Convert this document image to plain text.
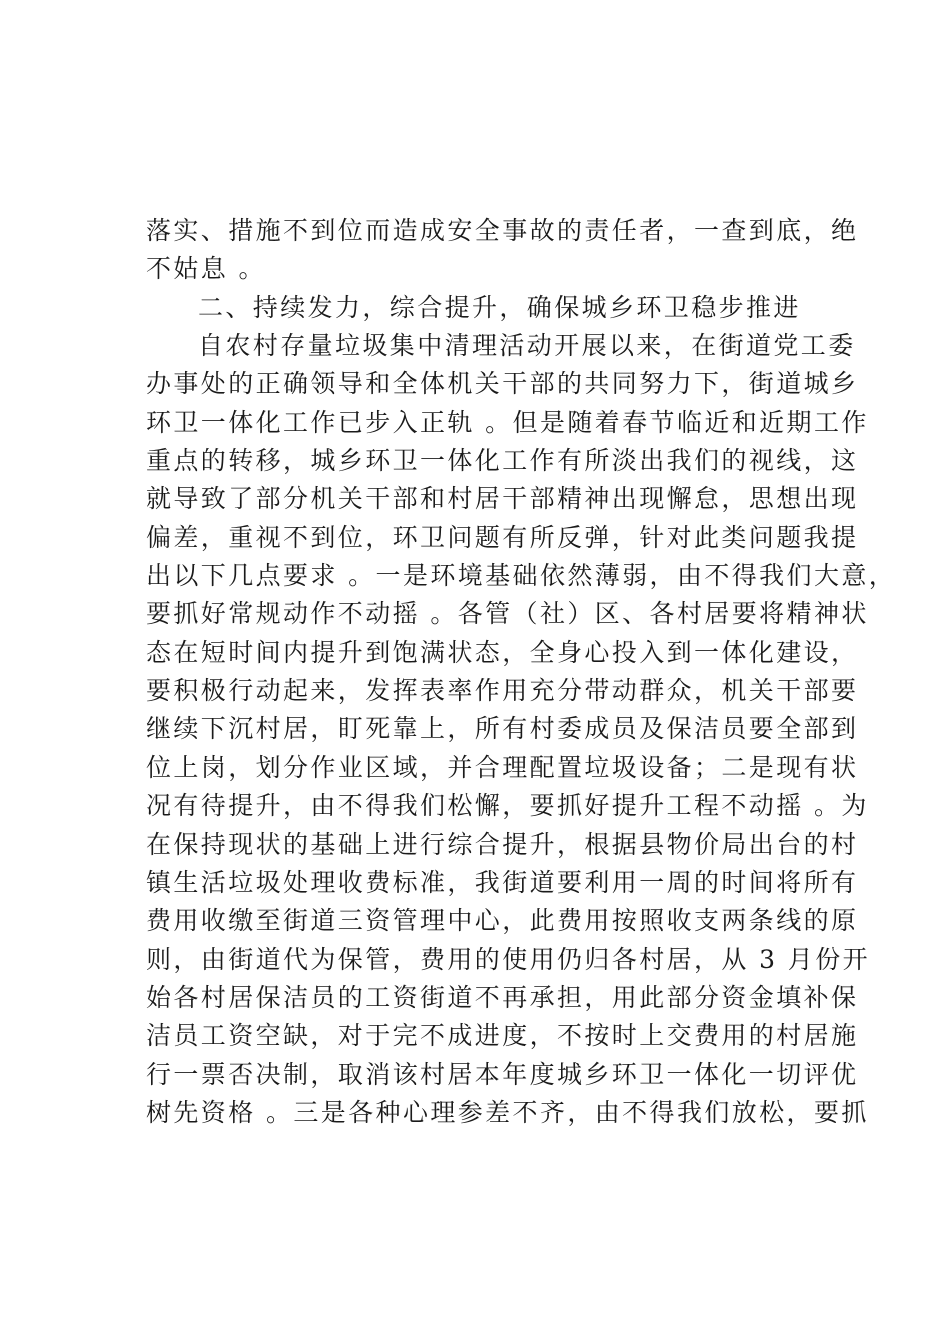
落实、措施不到位而造成安全事故的责任者，一查到底，绝
不姑息 。
二、持续发力，综合提升，确保城乡环卫稳步推进
自农村存量垃圾集中清理活动开展以来，在街道党工委
办事处的正确领导和全体机关干部的共同努力下，街道城乡
环卫一体化工作已步入正轨 。但是随着春节临近和近期工作
重点的转移，城乡环卫一体化工作有所淡出我们的视线，这
就导致了部分机关干部和村居干部精神出现懈怠，思想出现
偏差，重视不到位，环卫问题有所反弹，针对此类问题我提
出以下几点要求 。一是环境基础依然薄弱，由不得我们大意，
要抓好常规动作不动摇 。各管（社）区、各村居要将精神状
态在短时间内提升到饱满状态，全身心投入到一体化建设，
要积极行动起来，发挥表率作用充分带动群众，机关干部要
继续下沉村居，盯死靠上，所有村委成员及保洁员要全部到
位上岗，划分作业区域，并合理配置垃圾设备；二是现有状
况有待提升，由不得我们松懈，要抓好提升工程不动摇 。为
在保持现状的基础上进行综合提升，根据县物价局出台的村
镇生活垃圾处理收费标准，我街道要利用一周的时间将所有
费用收缴至街道三资管理中心，此费用按照收支两条线的原
则，由街道代为保管，费用的使用仍归各村居，从 3 月份开
始各村居保洁员的工资街道不再承担，用此部分资金填补保
洁员工资空缺，对于完不成进度，不按时上交费用的村居施
行一票否决制，取消该村居本年度城乡环卫一体化一切评优
树先资格 。三是各种心理参差不齐，由不得我们放松，要抓
